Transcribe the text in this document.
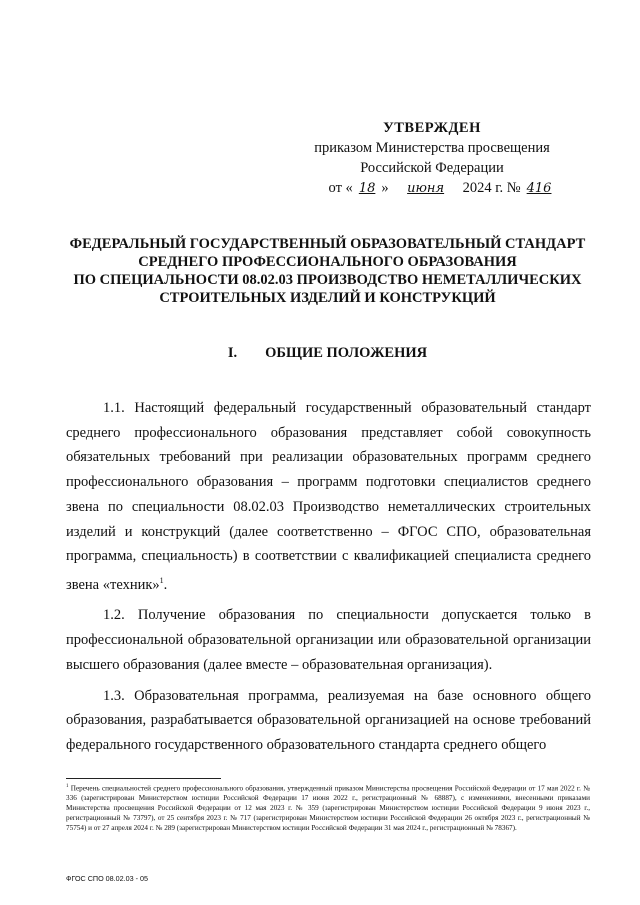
УТВЕРЖДЕН
приказом Министерства просвещения
Российской Федерации
от « 18 »	июня	2024 г. № 416
ФЕДЕРАЛЬНЫЙ ГОСУДАРСТВЕННЫЙ ОБРАЗОВАТЕЛЬНЫЙ СТАНДАРТ
СРЕДНЕГО ПРОФЕССИОНАЛЬНОГО ОБРАЗОВАНИЯ
ПО СПЕЦИАЛЬНОСТИ 08.02.03 ПРОИЗВОДСТВО НЕМЕТАЛЛИЧЕСКИХ
СТРОИТЕЛЬНЫХ ИЗДЕЛИЙ И КОНСТРУКЦИЙ
I. ОБЩИЕ ПОЛОЖЕНИЯ

1.1. Настоящий федеральный государственный образовательный стандарт среднего профессионального образования представляет собой совокупность обязательных требований при реализации образовательных программ среднего профессионального образования – программ подготовки специалистов среднего звена по специальности 08.02.03 Производство неметаллических строительных изделий и конструкций (далее соответственно – ФГОС СПО, образовательная программа, специальность) в соответствии с квалификацией специалиста среднего звена «техник»$^1$.

1.2. Получение образования по специальности допускается только в профессиональной образовательной организации или образовательной организации высшего образования (далее вместе – образовательная организация).

1.3. Образовательная программа, реализуемая на базе основного общего образования, разрабатывается образовательной организацией на основе требований федерального государственного образовательного стандарта среднего общего

$^1$ Перечень специальностей среднего профессионального образования, утвержденный приказом Министерства просвещения Российской Федерации от 17 мая 2022 г. № 336 (зарегистрирован Министерством юстиции Российской Федерации 17 июня 2022 г., регистрационный № 68887), с изменениями, внесенными приказами Министерства просвещения Российской Федерации от 12 мая 2023 г. № 359 (зарегистрирован Министерством юстиции Российской Федерации 9 июня 2023 г., регистрационный № 73797), от 25 сентября 2023 г. № 717 (зарегистрирован Министерством юстиции Российской Федерации 26 октября 2023 г., регистрационный № 75754) и от 27 апреля 2024 г. № 289 (зарегистрирован Министерством юстиции Российской Федерации 31 мая 2024 г., регистрационный № 78367).
ФГОС СПО 08.02.03 - 05
